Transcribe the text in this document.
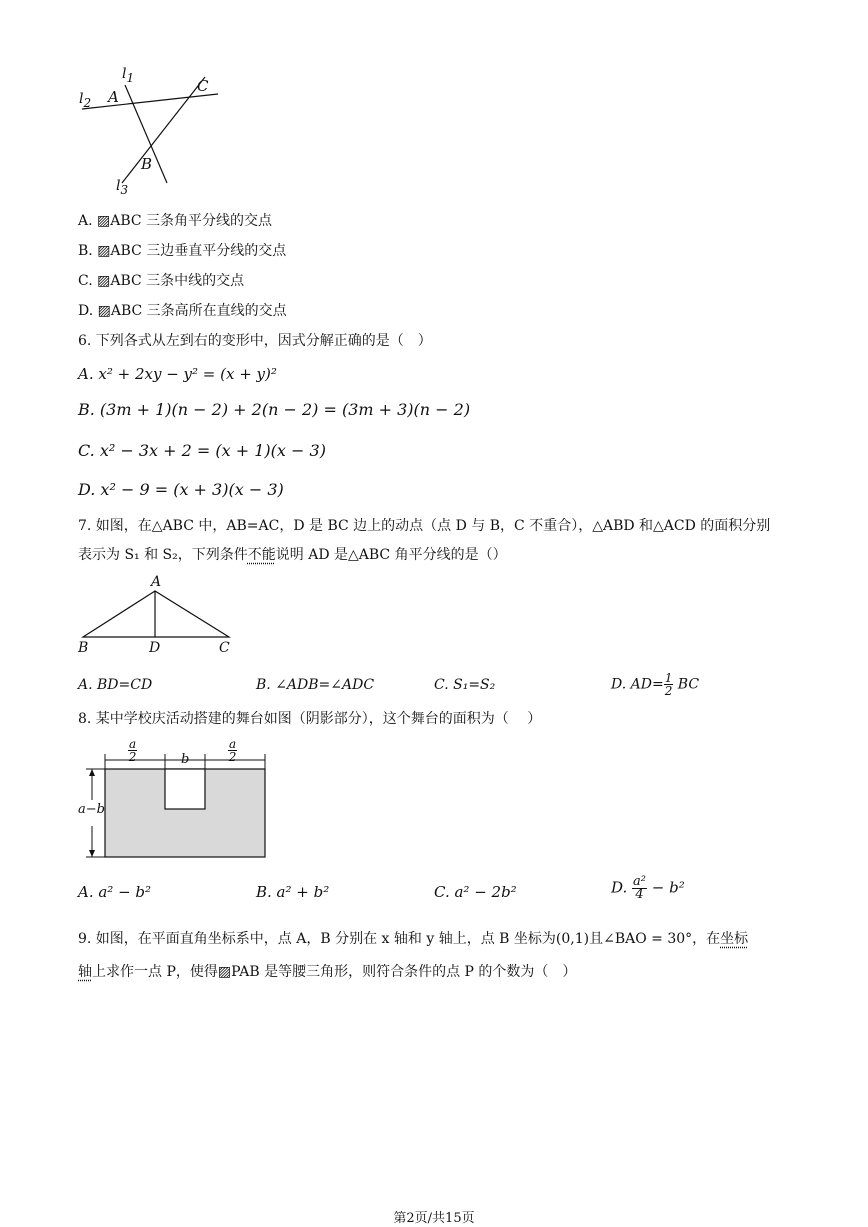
$l_1$
$l_2$
$l_3$
A
B
C
A. ▨ABC 三条角平分线的交点
B. ▨ABC 三边垂直平分线的交点
C. ▨ABC 三条中线的交点
D. ▨ABC 三条高所在直线的交点
6. 下列各式从左到右的变形中，因式分解正确的是（　）
A. x² + 2xy − y² = (x + y)²
B. (3m + 1)(n − 2) + 2(n − 2) = (3m + 3)(n − 2)
C. x² − 3x + 2 = (x + 1)(x − 3)
D. x² − 9 = (x + 3)(x − 3)
7. 如图，在△ABC 中，AB=AC，D 是 BC 边上的动点（点 D 与 B，C 不重合），△ABD 和△ACD 的面积分别
表示为 S₁ 和 S₂，下列条件不能说明 AD 是△ABC 角平分线的是（）
A
B	D	C
A. BD=CD	B. ∠ADB=∠ADC	C. S₁=S₂	D. $AD= \frac{1}{2}$ BC
8. 某中学校庆活动搭建的舞台如图（阴影部分），这个舞台的面积为（　 ）
$\frac{a}{2}$	b	$\frac{a}{2}$
a−b
A. a² − b²	B. a² + b²	C. a² − 2b²	D. $\frac{\text{a²}}{4} - b^2$
9. 如图，在平面直角坐标系中，点 A，B 分别在 x 轴和 y 轴上，点 B 坐标为(0,1)且∠BAO = 30°，在坐标
轴上求作一点 P，使得▨PAB 是等腰三角形，则符合条件的点 P 的个数为（　）
第2页/共15页
